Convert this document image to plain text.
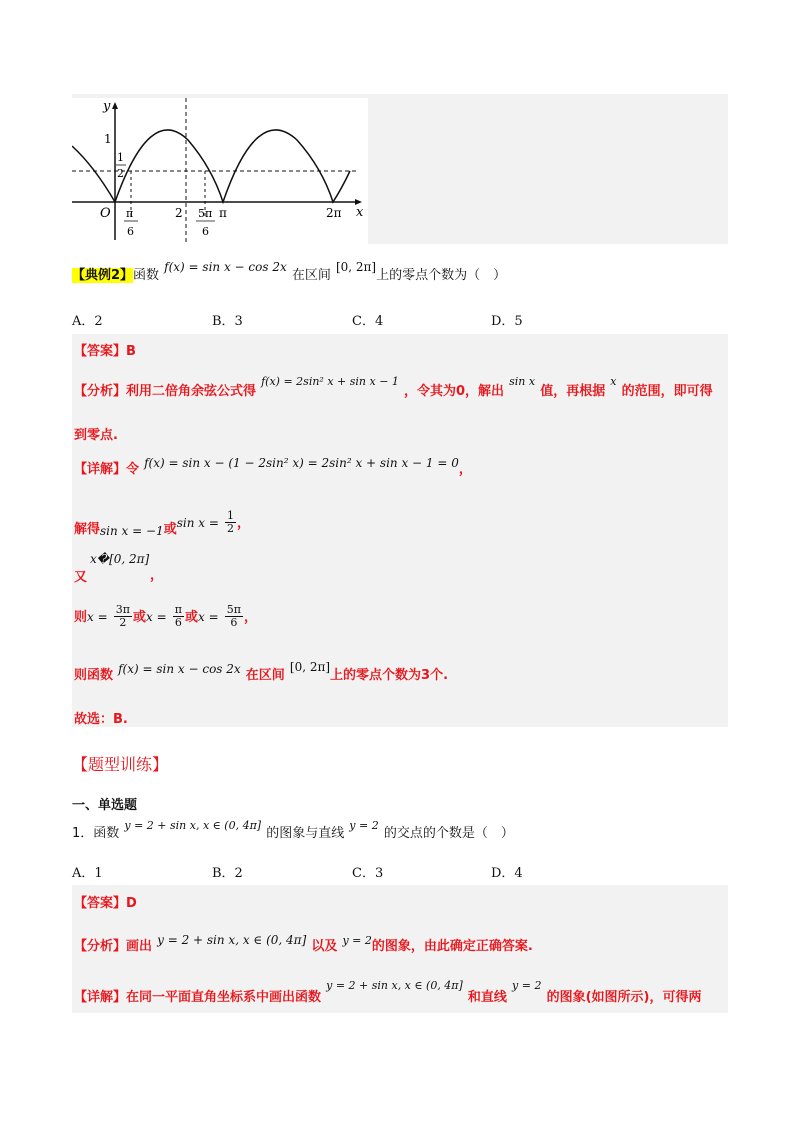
y
x
1
1
2
O π
6
2 5π
6
π	2π
【典例2】函数 $^{f(x) = sin x - cos 2x}$ 在区间 [0, 2π]上的零点个数为（　）
A．2	B．3	C．4	D．5
【答案】B
【分析】利用二倍角余弦公式得 $^{f(x) = 2sin^2 x + sin x - 1}$ ，令其为0，解出 $^{sin x}$ 值，再根据 $^x$ 的范围，即可得
到零点.
【详解】令 $^{f(x) = sin x - (1 - 2sin^2 x) = 2sin^2 x + sin x - 1 = 0}$，
$_{解得sin x = -1或}$sin $x = \frac{1}{2}$ ，
x�[0, 2π]
又	，
则$x = \frac{3\pi}{2}$ 或$x = \frac{\pi}{6}$ 或$x = \frac{5\pi}{6}$ ，
则函数 $^{f(x) = sin x - cos 2x}$ 在区间 [0, 2π]上的零点个数为3个.
故选：B.
【题型训练】
一、单选题
1．函数 $^{y = 2 + sin x, x \in (0, 4\pi]}$ 的图象与直线 $^{y = 2}$ 的交点的个数是（　）
A．1	B．2	C．3	D．4
【答案】D
【分析】画出 $^{y = 2 + sin x, x \in (0, 4\pi]}$ 以及 $^{y = 2}$的图象，由此确定正确答案.
【详解】在同一平面直角坐标系中画出函数 $^{y = 2 + sin x, x \in (0, 4\pi]}$ 和直线 $^{y = 2}$ 的图象(如图所示)，可得两
